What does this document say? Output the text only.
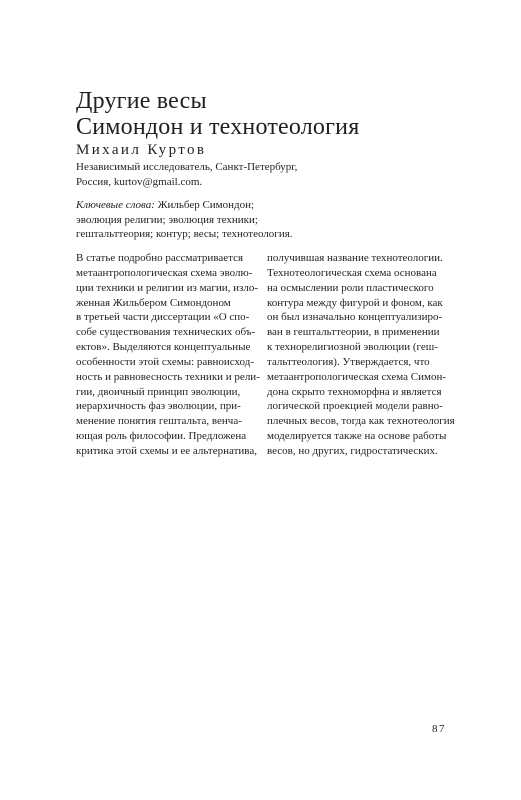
Другие весы
Симондон и технотеология
Михаил Куртов
Независимый исследователь, Санкт-Петербург,
Россия, kurtov@gmail.com.
Ключевые слова: Жильбер Симондон;
эволюция религии; эволюция техники;
гештальттеория; контур; весы; технотеология.
В статье подробно рассматривается
метаантропологическая схема эволю-
ции техники и религии из магии, изло-
женная Жильбером Симондоном
в третьей части диссертации «О спо-
собе существования технических объ-
ектов». Выделяются концептуальные
особенности этой схемы: равноисход-
ность и равновесность техники и рели-
гии, двоичный принцип эволюции,
иерархичность фаз эволюции, при-
менение понятия гештальта, венча-
ющая роль философии. Предложена
критика этой схемы и ее альтернатива,
получившая название технотеологии.
Технотеологическая схема основана
на осмыслении роли пластического
контура между фигурой и фоном, как
он был изначально концептуализиро-
ван в гештальттеории, в применении
к технорелигиозной эволюции (геш-
тальттеология). Утверждается, что
метаантропологическая схема Симон-
дона скрыто техноморфна и является
логической проекцией модели равно-
плечных весов, тогда как технотеология
моделируется также на основе работы
весов, но других, гидростатических.
87
